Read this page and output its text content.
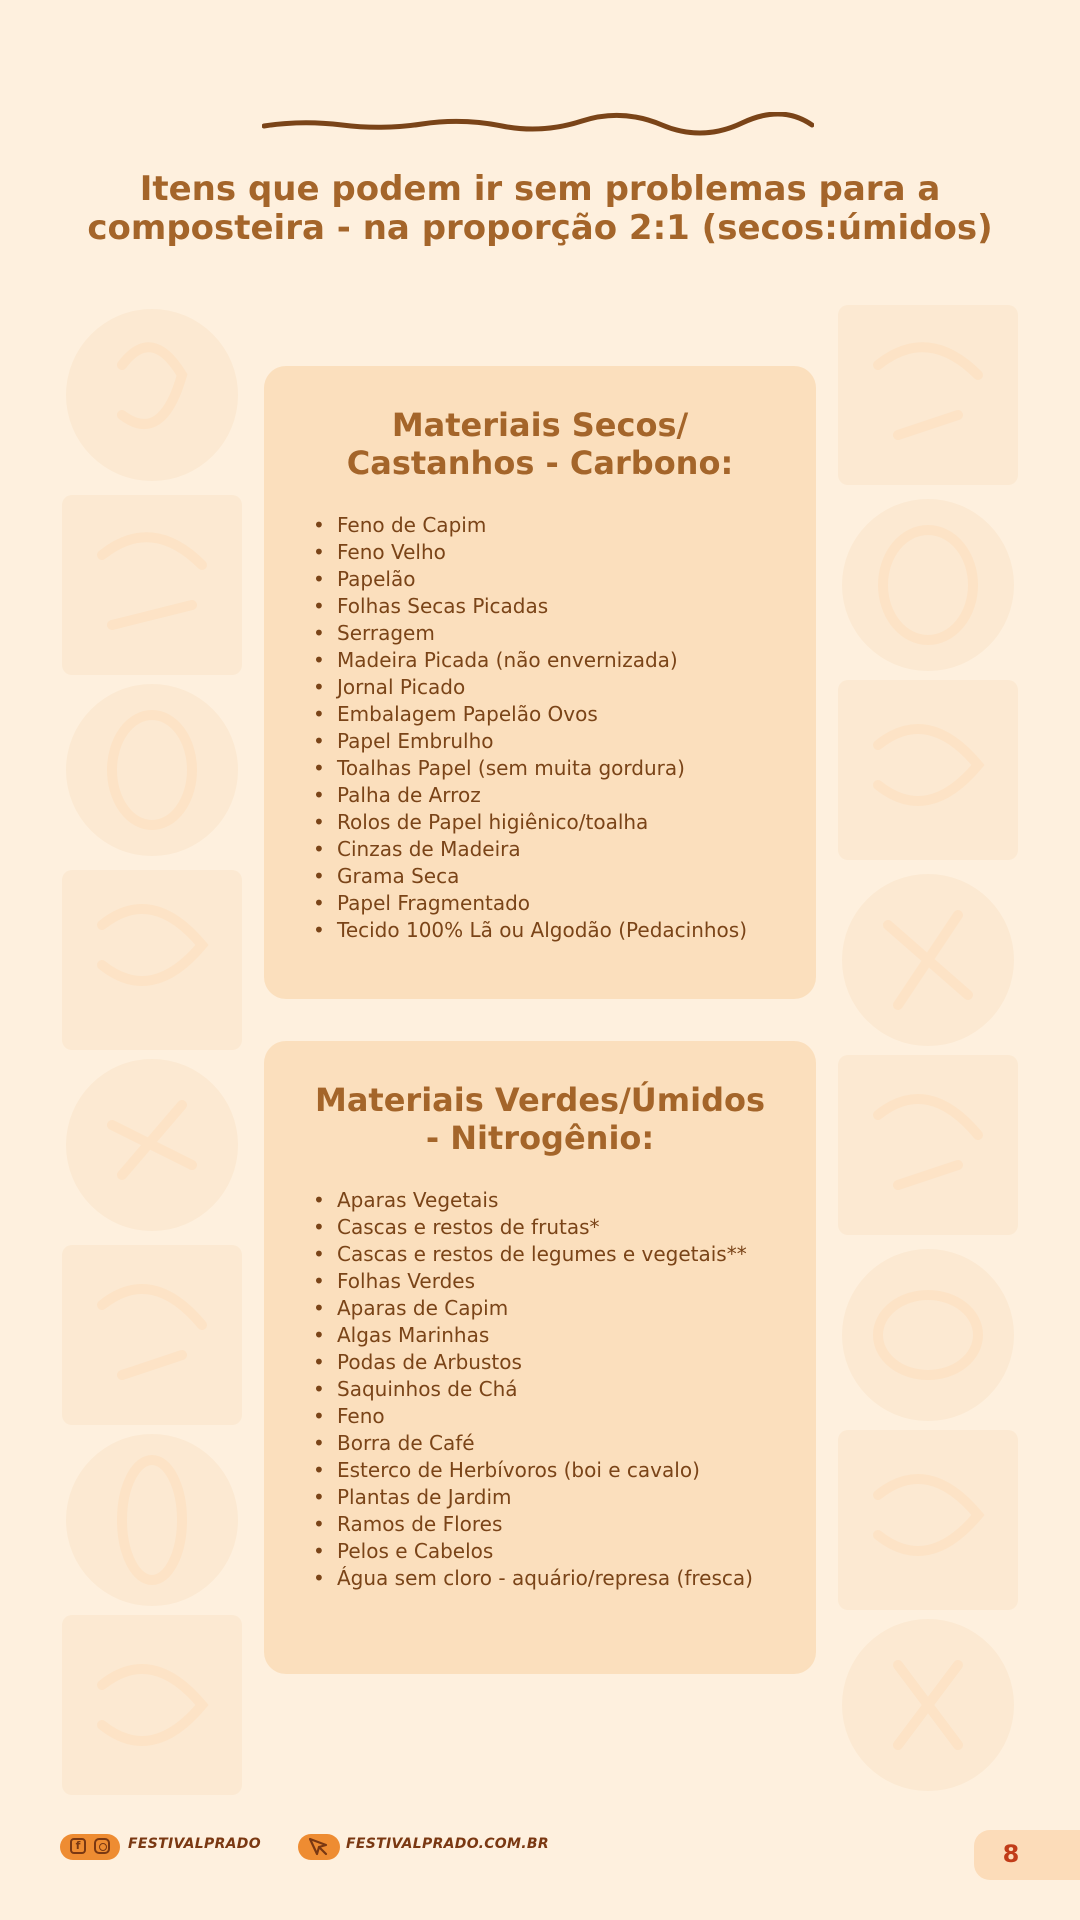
Itens que podem ir sem problemas para a composteira - na proporção 2:1 (secos:úmidos)
Materiais Secos/ Castanhos - Carbono:
• Feno de Capim
• Feno Velho
• Papelão
• Folhas Secas Picadas
• Serragem
• Madeira Picada (não envernizada)
• Jornal Picado
• Embalagem Papelão Ovos
• Papel Embrulho
• Toalhas Papel (sem muita gordura)
• Palha de Arroz
• Rolos de Papel higiênico/toalha
• Cinzas de Madeira
• Grama Seca
• Papel Fragmentado
• Tecido 100% Lã ou Algodão (Pedacinhos)
Materiais Verdes/Úmidos - Nitrogênio:
• Aparas Vegetais
• Cascas e restos de frutas*
• Cascas e restos de legumes e vegetais**
• Folhas Verdes
• Aparas de Capim
• Algas Marinhas
• Podas de Arbustos
• Saquinhos de Chá
• Feno
• Borra de Café
• Esterco de Herbívoros (boi e cavalo)
• Plantas de Jardim
• Ramos de Flores
• Pelos e Cabelos
• Água sem cloro - aquário/represa (fresca)
f	FESTIVALPRADO	FESTIVALPRADO.COM.BR	8
